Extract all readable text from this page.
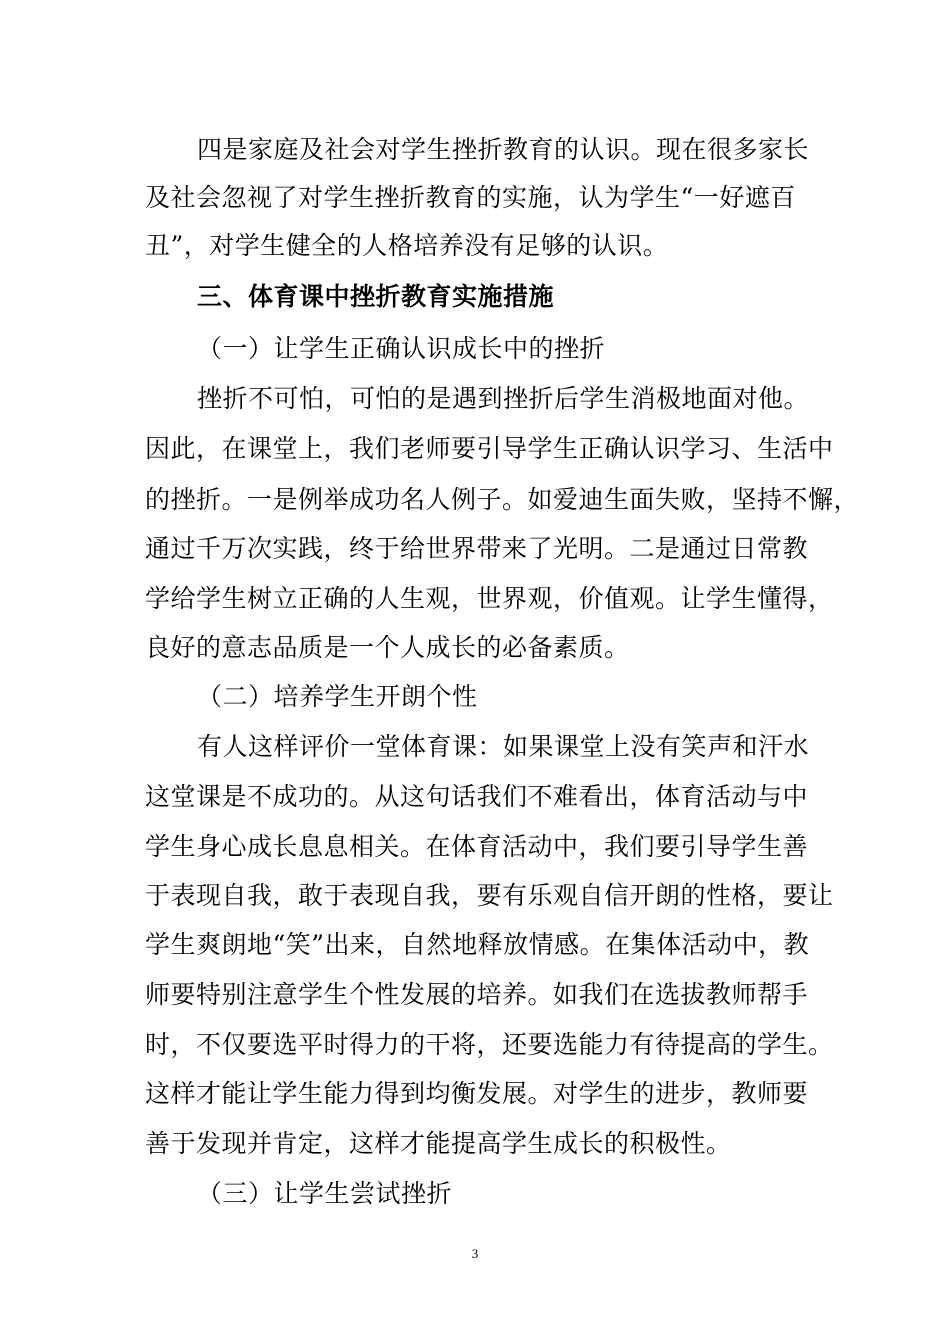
四是家庭及社会对学生挫折教育的认识。现在很多家长
及社会忽视了对学生挫折教育的实施，认为学生“一好遮百
丑”，对学生健全的人格培养没有足够的认识。
三、体育课中挫折教育实施措施
（一）让学生正确认识成长中的挫折
挫折不可怕，可怕的是遇到挫折后学生消极地面对他。
因此，在课堂上，我们老师要引导学生正确认识学习、生活中
的挫折。一是例举成功名人例子。如爱迪生面失败，坚持不懈，
通过千万次实践，终于给世界带来了光明。二是通过日常教
学给学生树立正确的人生观，世界观，价值观。让学生懂得，
良好的意志品质是一个人成长的必备素质。
（二）培养学生开朗个性
有人这样评价一堂体育课：如果课堂上没有笑声和汗水
这堂课是不成功的。从这句话我们不难看出，体育活动与中
学生身心成长息息相关。在体育活动中，我们要引导学生善
于表现自我，敢于表现自我，要有乐观自信开朗的性格，要让
学生爽朗地“笑”出来，自然地释放情感。在集体活动中，教
师要特别注意学生个性发展的培养。如我们在选拔教师帮手
时，不仅要选平时得力的干将，还要选能力有待提高的学生。
这样才能让学生能力得到均衡发展。对学生的进步，教师要
善于发现并肯定，这样才能提高学生成长的积极性。
（三）让学生尝试挫折
3
